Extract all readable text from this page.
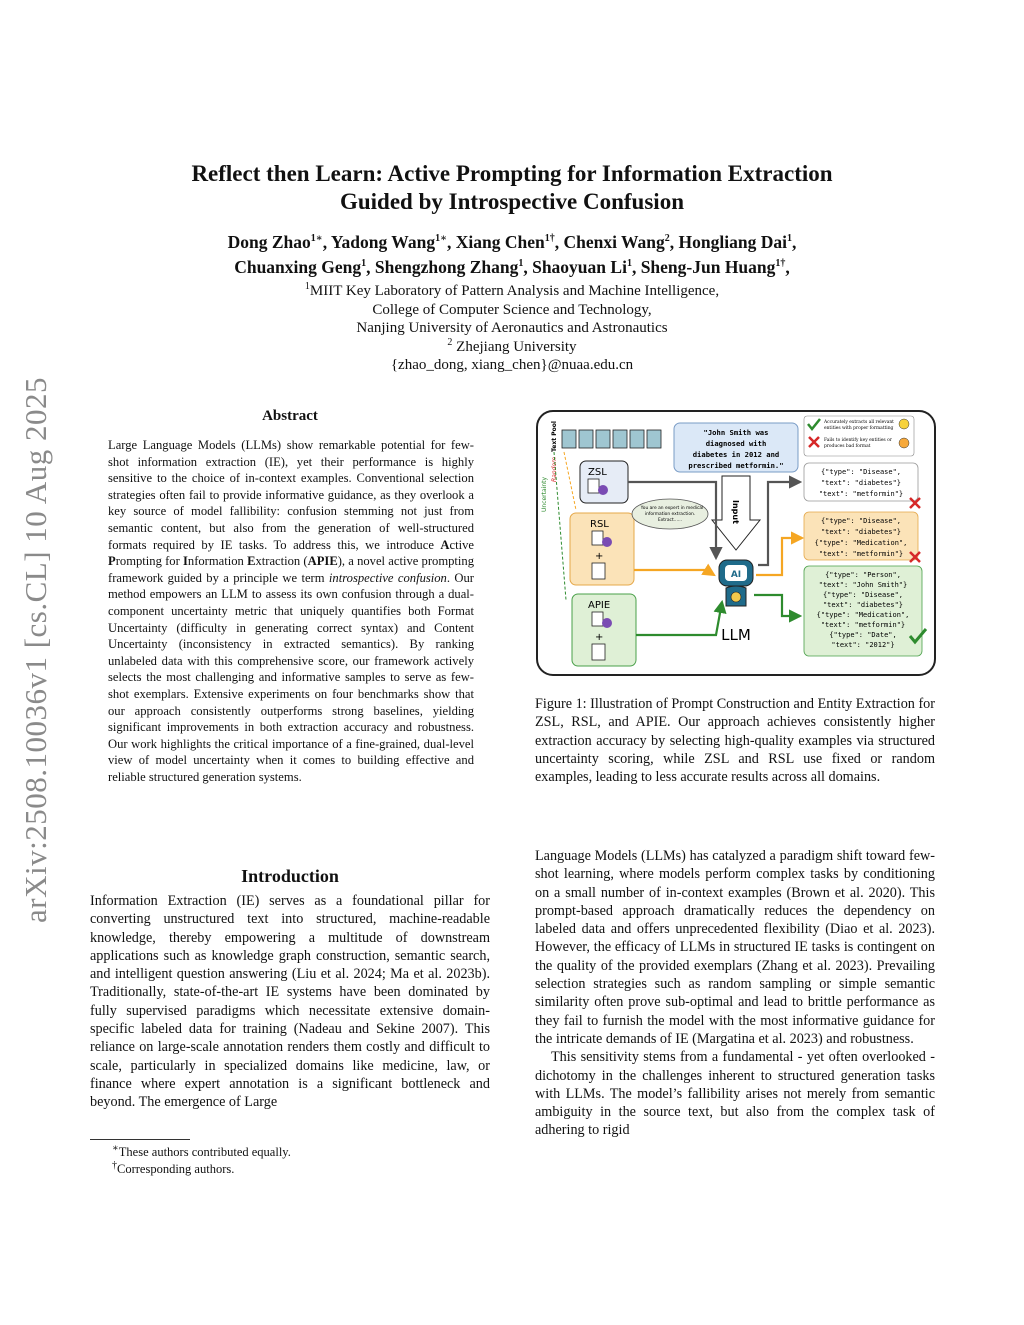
arXiv:2508.10036v1 [cs.CL] 10 Aug 2025
Reflect then Learn: Active Prompting for Information Extraction
Guided by Introspective Confusion
Dong Zhao$^{1∗}$, Yadong Wang$^{1∗}$, Xiang Chen$^{1\dagger}$, Chenxi Wang$^2$, Hongliang Dai$^1$,
Chuanxing Geng$^1$, Shengzhong Zhang$^1$, Shaoyuan Li$^1$, Sheng-Jun Huang$^{1\dagger}$,
$^1$MIIT Key Laboratory of Pattern Analysis and Machine Intelligence,
College of Computer Science and Technology,
Nanjing University of Aeronautics and Astronautics
$^2$ Zhejiang University
{zhao_dong, xiang_chen}@nuaa.edu.cn
Abstract
Large Language Models (LLMs) show remarkable potential for few-shot information extraction (IE), yet their performance is highly sensitive to the choice of in-context examples. Conventional selection strategies often fail to provide informative guidance, as they overlook a key source of model fallibility: confusion stemming not just from semantic content, but also from the generation of well-structured formats required by IE tasks. To address this, we introduce Active Prompting for Information Extraction (APIE), a novel active prompting framework guided by a principle we term introspective confusion. Our method empowers an LLM to assess its own confusion through a dual-component uncertainty metric that uniquely quantifies both Format Uncertainty (difficulty in generating correct syntax) and Content Uncertainty (inconsistency in extracted semantics). By ranking unlabeled data with this comprehensive score, our framework actively selects the most challenging and informative samples to serve as few-shot exemplars. Extensive experiments on four benchmarks show that our approach consistently outperforms strong baselines, yielding significant improvements in both extraction accuracy and robustness. Our work highlights the critical importance of a fine-grained, dual-level view of model uncertainty when it comes to building effective and reliable structured generation systems.
Introduction
Information Extraction (IE) serves as a foundational pillar for converting unstructured text into structured, machine-readable knowledge, thereby empowering a multitude of downstream applications such as knowledge graph construction, semantic search, and intelligent question answering (Liu et al. 2024; Ma et al. 2023b). Traditionally, state-of-the-art IE systems have been dominated by fully supervised paradigms which necessitate extensive domain-specific labeled data for training (Nadeau and Sekine 2007). This reliance on large-scale annotation renders them costly and difficult to scale, particularly in specialized domains like medicine, law, or finance where expert annotation is a significant bottleneck and beyond. The emergence of Large
∗These authors contributed equally.
†Corresponding authors.

Language Models (LLMs) has catalyzed a paradigm shift toward few-shot learning, where models perform complex tasks by conditioning on a small number of in-context examples (Brown et al. 2020). This prompt-based approach dramatically reduces the dependency on labeled data and offers unprecedented flexibility (Diao et al. 2023). However, the efficacy of LLMs in structured IE tasks is contingent on the quality of the provided exemplars (Zhang et al. 2023). Prevailing selection strategies such as random sampling or simple semantic similarity often prove sub-optimal and lead to brittle performance as they fail to furnish the model with the most informative guidance for the intricate demands of IE (Margatina et al. 2023) and robustness.

This sensitivity stems from a fundamental - yet often overlooked - dichotomy in the challenges inherent to structured generation tasks with LLMs. The model’s fallibility arises not merely from semantic ambiguity in the source text, but also from the complex task of adhering to rigid

Text Pool
Uncertainty
Random
"John Smith was
diagnosed with
diabetes in 2012 and
prescribed metformin."
Accurately extracts all relevant
entities with proper formatting
Fails to identify key entities or
produces bad format
ZSL
RSL
+
APIE
+
You are an expert in medical
information extraction.
Extract......	Input
AI
LLM
{"type": "Disease",
"text": "diabetes"}
"text": "metformin"}
{"type": "Disease",
"text": "diabetes"}
{"type": "Medication",
"text": "metformin"}
{"type": "Person",
"text": "John Smith"}
{"type": "Disease",
"text": "diabetes"}
{"type": "Medication",
"text": "metformin"}
{"type": "Date",
"text": "2012"}
Figure 1: Illustration of Prompt Construction and Entity Extraction for ZSL, RSL, and APIE. Our approach achieves consistently higher extraction accuracy by selecting high-quality examples via structured uncertainty scoring, while ZSL and RSL use fixed or random examples, leading to less accurate results across all domains.
